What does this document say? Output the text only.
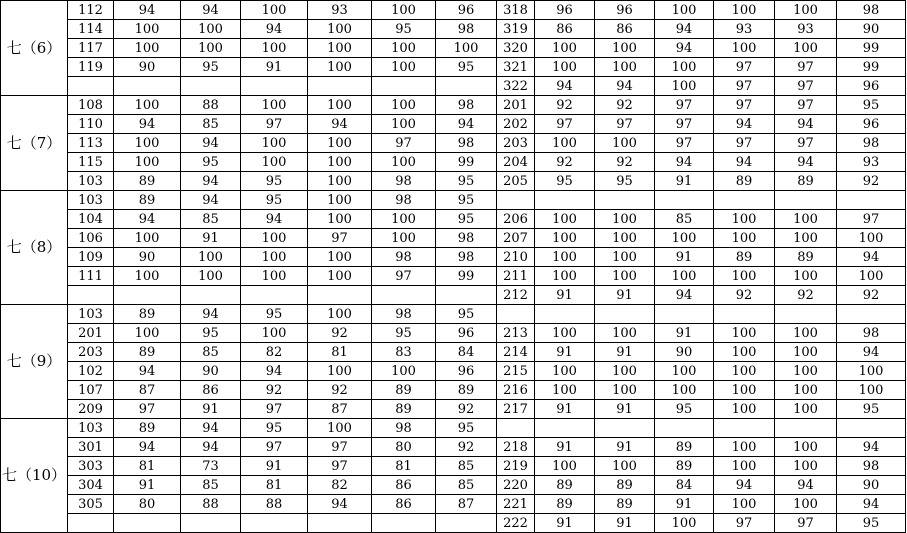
七（6）	112	94	94	100	93	100	96	318	96	96	100	100	100	98
	114	100	100	94	100	95	98	319	86	86	94	93	93	90
	117	100	100	100	100	100	100	320	100	100	94	100	100	99
	119	90	95	91	100	100	95	321	100	100	100	97	97	99
								322	94	94	100	97	97	96
七（7）	108	100	88	100	100	100	98	201	92	92	97	97	97	95
	110	94	85	97	94	100	94	202	97	97	97	94	94	96
	113	100	94	100	100	97	98	203	100	100	97	97	97	98
	115	100	95	100	100	100	99	204	92	92	94	94	94	93
	103	89	94	95	100	98	95	205	95	95	91	89	89	92
七（8）	103	89	94	95	100	98	95							
	104	94	85	94	100	100	95	206	100	100	85	100	100	97
	106	100	91	100	97	100	98	207	100	100	100	100	100	100
	109	90	100	100	100	98	98	210	100	100	91	89	89	94
	111	100	100	100	100	97	99	211	100	100	100	100	100	100
								212	91	91	94	92	92	92
七（9）	103	89	94	95	100	98	95							
	201	100	95	100	92	95	96	213	100	100	91	100	100	98
	203	89	85	82	81	83	84	214	91	91	90	100	100	94
	102	94	90	94	100	100	96	215	100	100	100	100	100	100
	107	87	86	92	92	89	89	216	100	100	100	100	100	100
	209	97	91	97	87	89	92	217	91	91	95	100	100	95
七（10）	103	89	94	95	100	98	95							
	301	94	94	97	97	80	92	218	91	91	89	100	100	94
	303	81	73	91	97	81	85	219	100	100	89	100	100	98
	304	91	85	81	82	86	85	220	89	89	84	94	94	90
	305	80	88	88	94	86	87	221	89	89	91	100	100	94
								222	91	91	100	97	97	95
